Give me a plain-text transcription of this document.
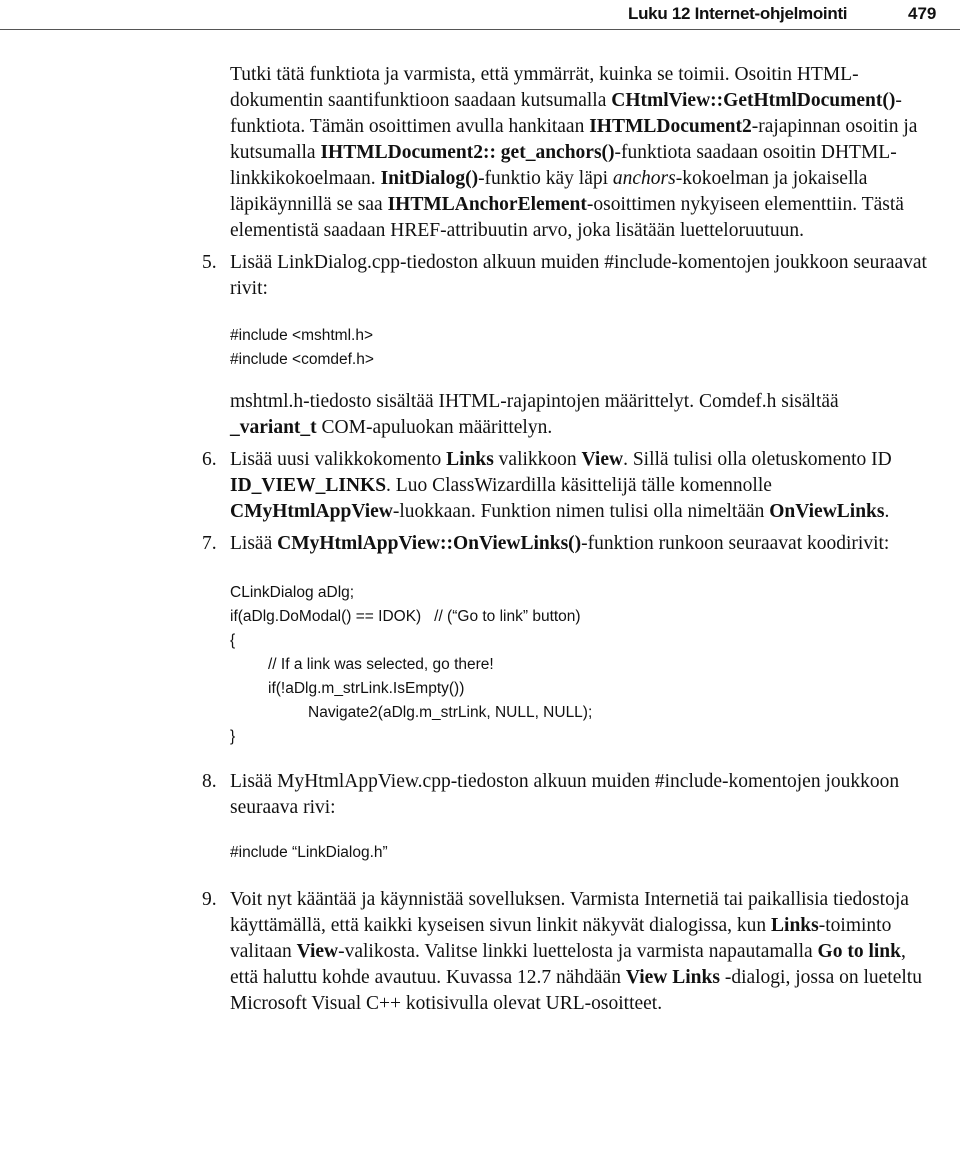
Luku 12 Internet-ohjelmointi	479

Tutki tätä funktiota ja varmista, että ymmärrät, kuinka se toimii. Osoitin HTML-dokumentin saantifunktioon saadaan kutsumalla CHtmlView::GetHtmlDocument()-funktiota. Tämän osoittimen avulla hankitaan IHTMLDocument2-rajapinnan osoitin ja kutsumalla IHTMLDocument2:: get_anchors()-funktiota saadaan osoitin DHTML-linkkikokoelmaan. InitDialog()-funktio käy läpi anchors-kokoelman ja jokaisella läpikäynnillä se saa IHTMLAnchorElement-osoittimen nykyiseen elementtiin. Tästä elementistä saadaan HREF-attribuutin arvo, joka lisätään luetteloruutuun.

5. Lisää LinkDialog.cpp-tiedoston alkuun muiden #include-komentojen joukkoon seuraavat rivit:

#include <mshtml.h>
#include <comdef.h>

mshtml.h-tiedosto sisältää IHTML-rajapintojen määrittelyt. Comdef.h sisältää _variant_t COM-apuluokan määrittelyn.

6. Lisää uusi valikkokomento Links valikkoon View. Sillä tulisi olla oletuskomento ID ID_VIEW_LINKS. Luo ClassWizardilla käsittelijä tälle komennolle CMyHtmlAppView-luokkaan. Funktion nimen tulisi olla nimeltään OnViewLinks.

7. Lisää CMyHtmlAppView::OnViewLinks()-funktion runkoon seuraavat koodirivit:

CLinkDialog aDlg;
if(aDlg.DoModal() == IDOK)   // (“Go to link” button)
{
// If a link was selected, go there!
if(!aDlg.m_strLink.IsEmpty())
Navigate2(aDlg.m_strLink, NULL, NULL);
}
8. Lisää MyHtmlAppView.cpp-tiedoston alkuun muiden #include-komentojen joukkoon seuraava rivi:

#include “LinkDialog.h”
9. Voit nyt kääntää ja käynnistää sovelluksen. Varmista Internetiä tai paikallisia tiedostoja käyttämällä, että kaikki kyseisen sivun linkit näkyvät dialogissa, kun Links-toiminto valitaan View-valikosta. Valitse linkki luettelosta ja varmista napautamalla Go to link, että haluttu kohde avautuu. Kuvassa 12.7 nähdään View Links -dialogi, jossa on lueteltu Microsoft Visual C++ kotisivulla olevat URL-osoitteet.
